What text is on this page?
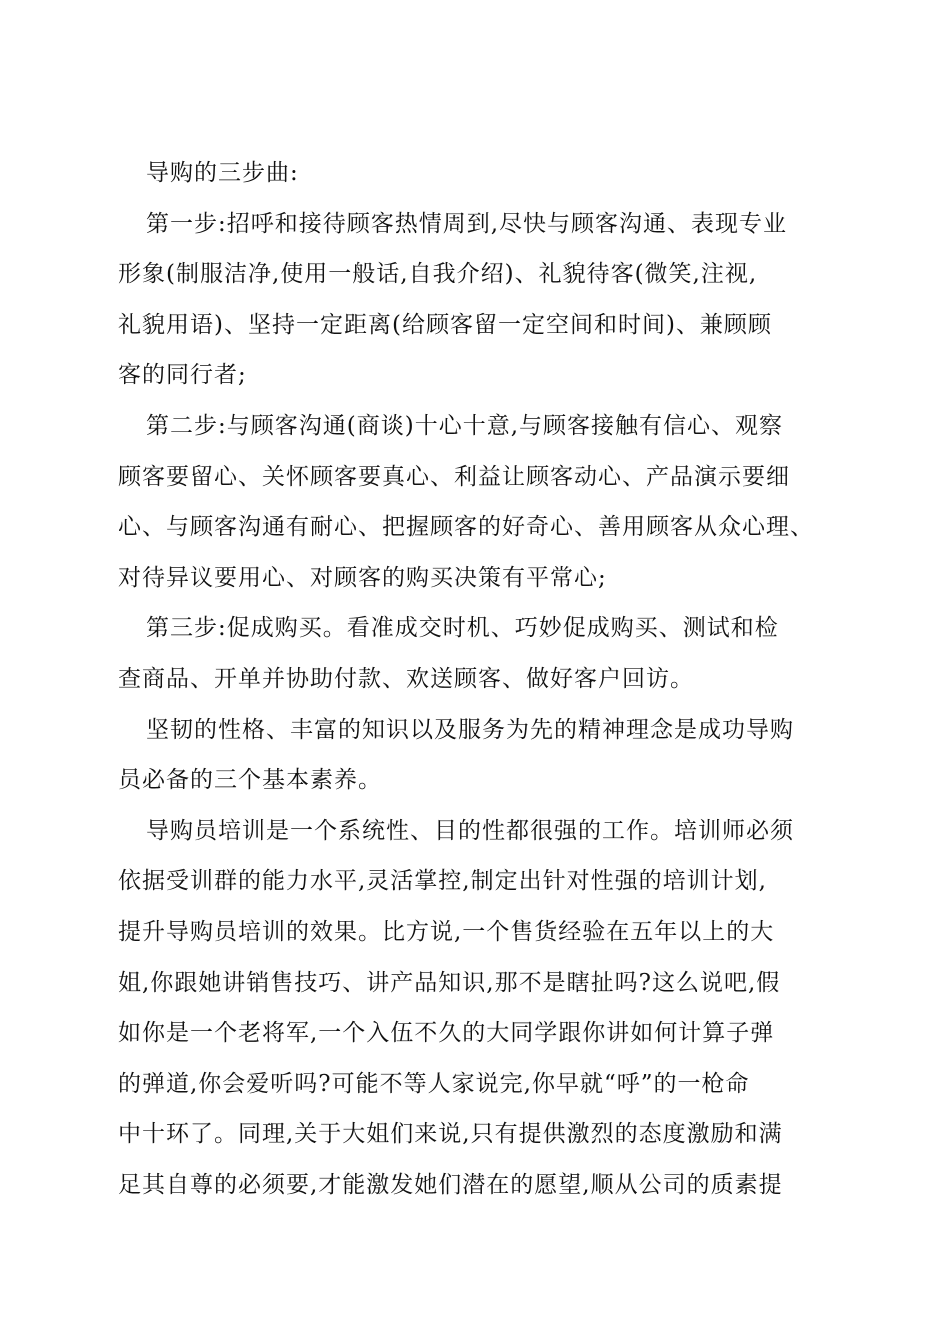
导购的三步曲:
第一步:招呼和接待顾客热情周到,尽快与顾客沟通、表现专业
形象(制服洁净,使用一般话,自我介绍)、礼貌待客(微笑,注视,
礼貌用语)、坚持一定距离(给顾客留一定空间和时间)、兼顾顾
客的同行者;
第二步:与顾客沟通(商谈)十心十意,与顾客接触有信心、观察
顾客要留心、关怀顾客要真心、利益让顾客动心、产品演示要细
心、与顾客沟通有耐心、把握顾客的好奇心、善用顾客从众心理、
对待异议要用心、对顾客的购买决策有平常心;
第三步:促成购买。看准成交时机、巧妙促成购买、测试和检
查商品、开单并协助付款、欢送顾客、做好客户回访。
坚韧的性格、丰富的知识以及服务为先的精神理念是成功导购
员必备的三个基本素养。
导购员培训是一个系统性、目的性都很强的工作。培训师必须
依据受训群的能力水平,灵活掌控,制定出针对性强的培训计划,
提升导购员培训的效果。比方说,一个售货经验在五年以上的大
姐,你跟她讲销售技巧、讲产品知识,那不是瞎扯吗?这么说吧,假
如你是一个老将军,一个入伍不久的大同学跟你讲如何计算子弹
的弹道,你会爱听吗?可能不等人家说完,你早就“呼”的一枪命
中十环了。同理,关于大姐们来说,只有提供激烈的态度激励和满
足其自尊的必须要,才能激发她们潜在的愿望,顺从公司的质素提
